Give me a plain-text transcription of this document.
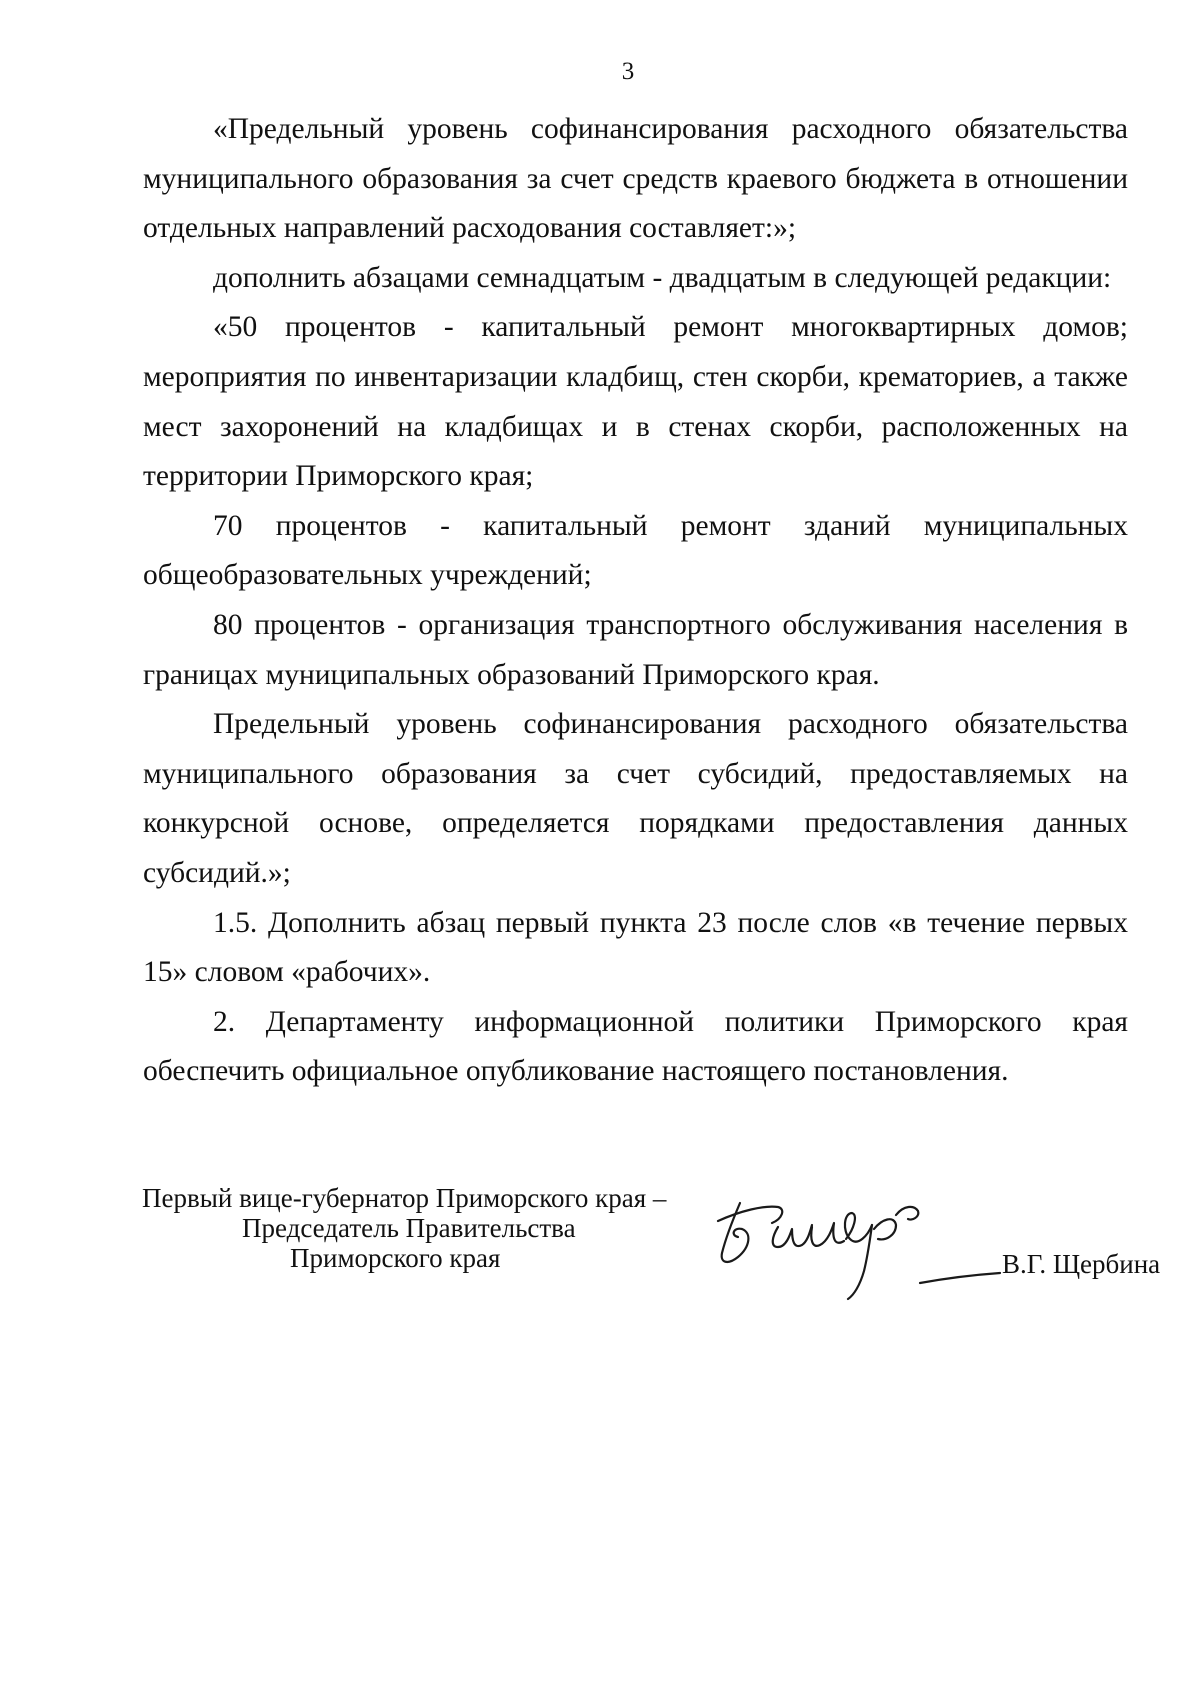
3

«Предельный уровень софинансирования расходного обязательства муниципального образования за счет средств краевого бюджета в отношении отдельных направлений расходования составляет:»;

дополнить абзацами семнадцатым - двадцатым в следующей редакции:

«50 процентов - капитальный ремонт многоквартирных домов; мероприятия по инвентаризации кладбищ, стен скорби, крематориев, а также мест захоронений на кладбищах и в стенах скорби, расположенных на территории Приморского края;

70 процентов - капитальный ремонт зданий муниципальных общеобразовательных учреждений;

80 процентов - организация транспортного обслуживания населения в границах муниципальных образований Приморского края.

Предельный уровень софинансирования расходного обязательства муниципального образования за счет субсидий, предоставляемых на конкурсной основе, определяется порядками предоставления данных субсидий.»;

1.5. Дополнить абзац первый пункта 23 после слов «в течение первых 15» словом «рабочих».

2. Департаменту информационной политики Приморского края обеспечить официальное опубликование настоящего постановления.

Первый вице-губернатор Приморского края –
Председатель Правительства
Приморского края	В.Г. Щербина
